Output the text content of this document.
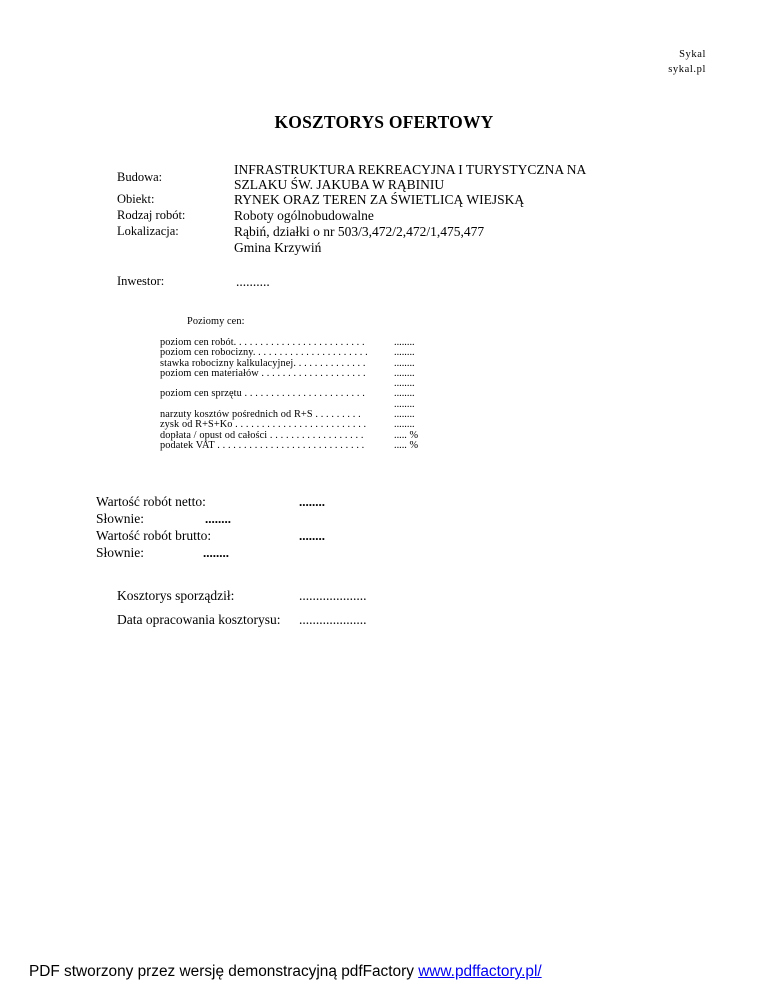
Sykal
sykal.pl
KOSZTORYS OFERTOWY
Budowa:	INFRASTRUKTURA REKREACYJNA I TURYSTYCZNA NA
SZLAKU ŚW. JAKUBA W RĄBINIU
Obiekt:	RYNEK ORAZ TEREN ZA ŚWIETLICĄ WIEJSKĄ
Rodzaj robót:	Roboty ogólnobudowalne
Lokalizacja:	Rąbiń, działki o nr 503/3,472/2,472/1,475,477
Gmina Krzywiń
Inwestor:	..........
Poziomy cen:
poziom cen robót. . . . . . . . . . . . . . . . . . . . . . . . .	........
poziom cen robocizny. . . . . . . . . . . . . . . . . . . . . .	........
stawka robocizny kalkulacyjnej. . . . . . . . . . . . . .	........
poziom cen materiałów . . . . . . . . . . . . . . . . . . . .	........
........
poziom cen sprzętu . . . . . . . . . . . . . . . . . . . . . . .	........
........
narzuty kosztów pośrednich od R+S . . . . . . . . .	........
zysk od R+S+Ko . . . . . . . . . . . . . . . . . . . . . . . . .	........
dopłata / opust od całości . . . . . . . . . . . . . . . . . .	..... %
podatek VAT . . . . . . . . . . . . . . . . . . . . . . . . . . . .	..... %
Wartość robót netto:	........
Słownie:	........
Wartość robót brutto:	........
Słownie:	........
Kosztorys sporządził:	....................
Data opracowania kosztorysu: ....................
PDF stworzony przez wersję demonstracyjną pdfFactory www.pdffactory.pl/
